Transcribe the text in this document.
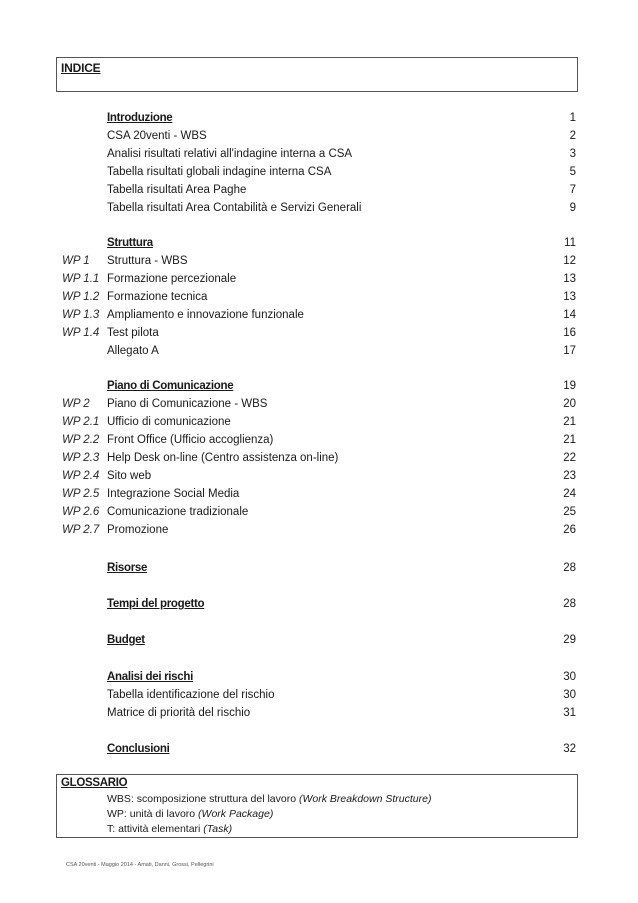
INDICE
Introduzione	1
CSA 20venti - WBS	2
Analisi risultati relativi all'indagine interna a CSA	3
Tabella risultati globali indagine interna CSA	5
Tabella risultati Area Paghe	7
Tabella risultati Area Contabilità e Servizi Generali	9
Struttura	11
WP 1 Struttura - WBS	12
WP 1.1 Formazione percezionale	13
WP 1.2 Formazione tecnica	13
WP 1.3 Ampliamento e innovazione funzionale	14
WP 1.4 Test pilota	16
Allegato A	17
Piano di Comunicazione	19
WP 2 Piano di Comunicazione - WBS	20
WP 2.1 Ufficio di comunicazione	21
WP 2.2 Front Office (Ufficio accoglienza)	21
WP 2.3 Help Desk on-line (Centro assistenza on-line)	22
WP 2.4 Sito web	23
WP 2.5 Integrazione Social Media	24
WP 2.6 Comunicazione tradizionale	25
WP 2.7 Promozione	26
Risorse	28
Tempi del progetto	28
Budget	29
Analisi dei rischi	30
Tabella identificazione del rischio	30
Matrice di priorità del rischio	31
Conclusioni	32
GLOSSARIO
WBS: scomposizione struttura del lavoro (Work Breakdown Structure)
WP: unità di lavoro (Work Package)
T: attività elementari (Task)
CSA 20venti - Maggio 2014 - Amati, Danni, Grossi, Pellegrini
